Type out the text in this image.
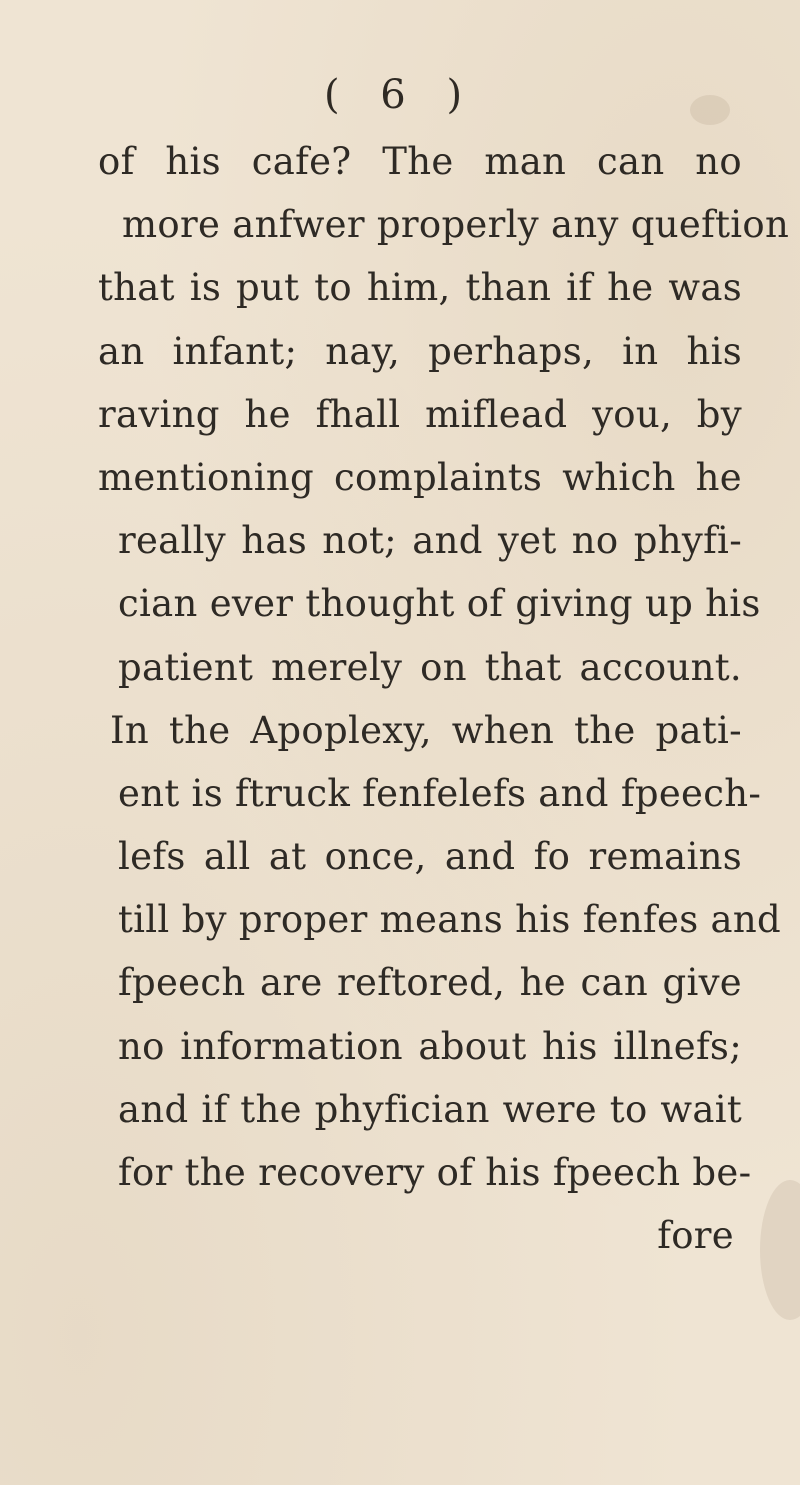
( 6 )
of his cafe? The man can no
more anfwer properly any queftion
that is put to him, than if he was
an infant; nay, perhaps, in his
raving he fhall miflead you, by
mentioning complaints which he
really has not; and yet no phyfi-
cian ever thought of giving up his
patient merely on that account.
In the Apoplexy, when the pati-
ent is ftruck fenfelefs and fpeech-
lefs all at once, and fo remains
till by proper means his fenfes and
fpeech are reftored, he can give
no information about his illnefs;
and if the phyfician were to wait
for the recovery of his fpeech be-
fore
